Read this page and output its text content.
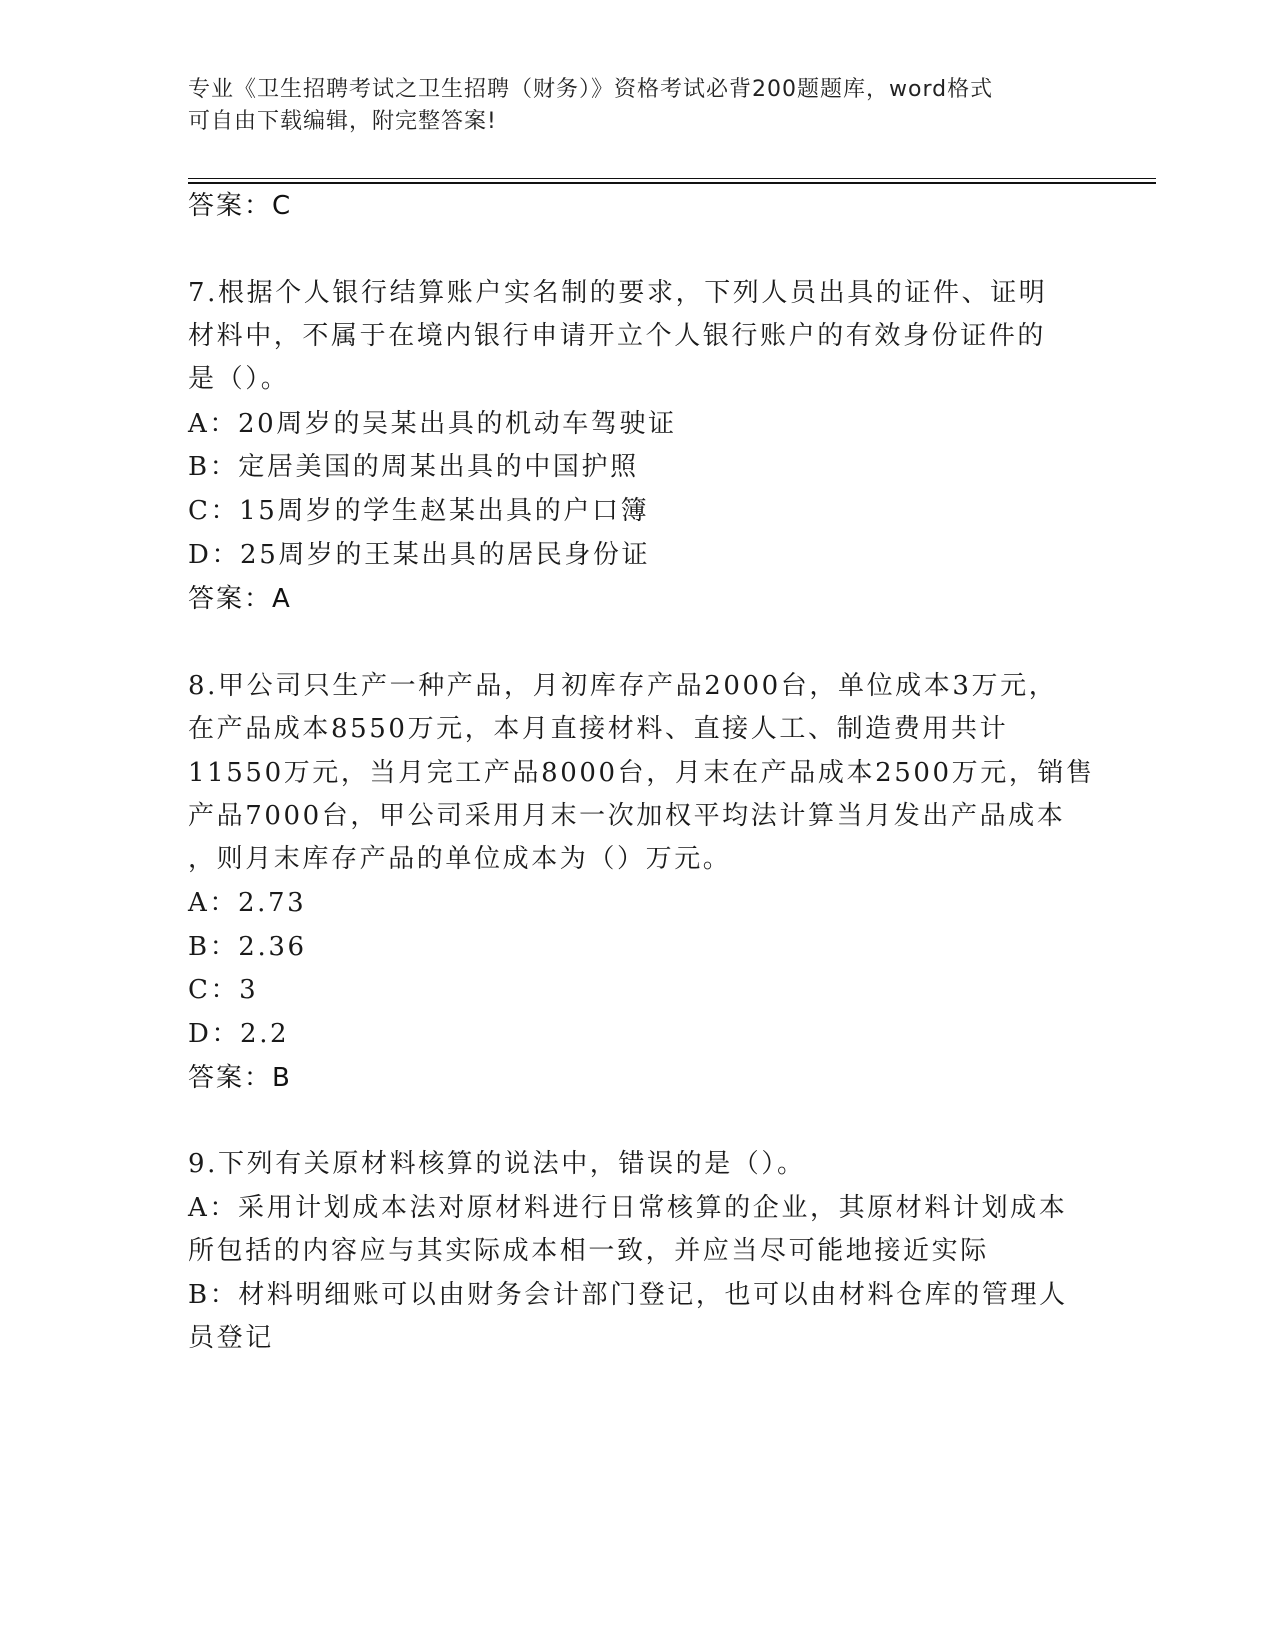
专业《卫生招聘考试之卫生招聘（财务）》资格考试必背200题题库，word格式

可自由下载编辑，附完整答案!

答案：C

7.根据个人银行结算账户实名制的要求，下列人员出具的证件、证明

材料中，不属于在境内银行申请开立个人银行账户的有效身份证件的

是（）。

A：20周岁的吴某出具的机动车驾驶证

B：定居美国的周某出具的中国护照

C：15周岁的学生赵某出具的户口簿

D：25周岁的王某出具的居民身份证

答案：A

8.甲公司只生产一种产品，月初库存产品2000台，单位成本3万元，

在产品成本8550万元，本月直接材料、直接人工、制造费用共计

11550万元，当月完工产品8000台，月末在产品成本2500万元，销售

产品7000台，甲公司采用月末一次加权平均法计算当月发出产品成本

，则月末库存产品的单位成本为（）万元。

A：2.73

B：2.36

C：3

D：2.2

答案：B

9.下列有关原材料核算的说法中，错误的是（）。

A：采用计划成本法对原材料进行日常核算的企业，其原材料计划成本

所包括的内容应与其实际成本相一致，并应当尽可能地接近实际

B：材料明细账可以由财务会计部门登记，也可以由材料仓库的管理人

员登记
